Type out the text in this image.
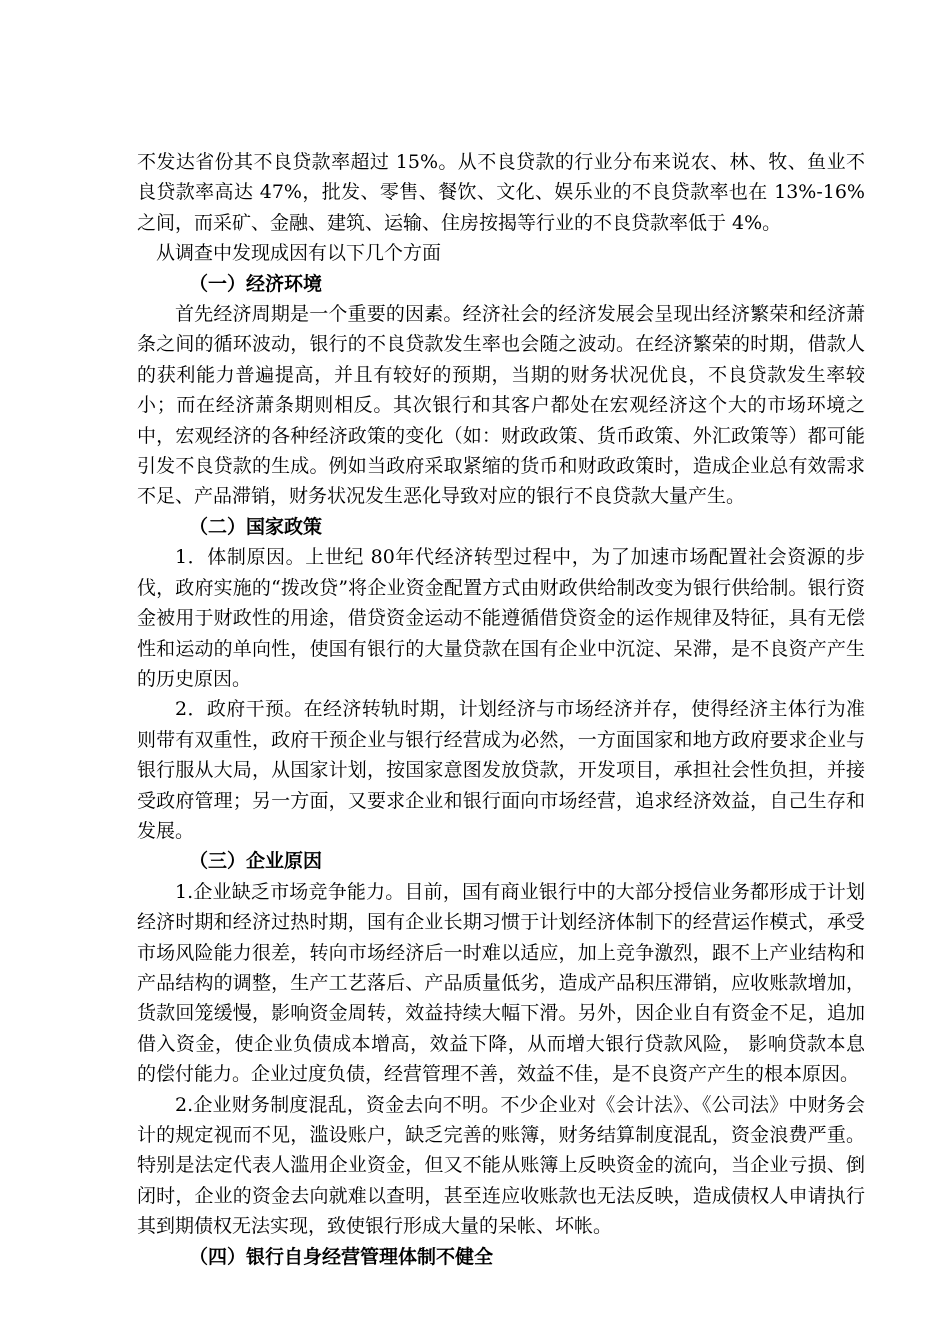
不发达省份其不良贷款率超过 15%。从不良贷款的行业分布来说农、林、牧、鱼业不良贷款率高达 47%，批发、零售、餐饮、文化、娱乐业的不良贷款率也在 13%-16%之间，而采矿、金融、建筑、运输、住房按揭等行业的不良贷款率低于 4%。

从调查中发现成因有以下几个方面

（一）经济环境

首先经济周期是一个重要的因素。经济社会的经济发展会呈现出经济繁荣和经济萧条之间的循环波动，银行的不良贷款发生率也会随之波动。在经济繁荣的时期，借款人的获利能力普遍提高，并且有较好的预期，当期的财务状况优良，不良贷款发生率较小；而在经济萧条期则相反。其次银行和其客户都处在宏观经济这个大的市场环境之中，宏观经济的各种经济政策的变化（如：财政政策、货币政策、外汇政策等）都可能引发不良贷款的生成。例如当政府采取紧缩的货币和财政政策时，造成企业总有效需求不足、产品滞销，财务状况发生恶化导致对应的银行不良贷款大量产生。

（二）国家政策

1．体制原因。上世纪 80年代经济转型过程中，为了加速市场配置社会资源的步伐，政府实施的“拨改贷”将企业资金配置方式由财政供给制改变为银行供给制。银行资金被用于财政性的用途，借贷资金运动不能遵循借贷资金的运作规律及特征，具有无偿性和运动的单向性，使国有银行的大量贷款在国有企业中沉淀、呆滞，是不良资产产生的历史原因。

2．政府干预。在经济转轨时期，计划经济与市场经济并存，使得经济主体行为准则带有双重性，政府干预企业与银行经营成为必然，一方面国家和地方政府要求企业与银行服从大局，从国家计划，按国家意图发放贷款，开发项目，承担社会性负担，并接受政府管理；另一方面，又要求企业和银行面向市场经营，追求经济效益，自己生存和发展。

（三）企业原因

1.企业缺乏市场竞争能力。目前，国有商业银行中的大部分授信业务都形成于计划经济时期和经济过热时期，国有企业长期习惯于计划经济体制下的经营运作模式，承受市场风险能力很差，转向市场经济后一时难以适应，加上竞争激烈，跟不上产业结构和产品结构的调整，生产工艺落后、产品质量低劣，造成产品积压滞销，应收账款增加， 货款回笼缓慢，影响资金周转，效益持续大幅下滑。另外，因企业自有资金不足，追加借入资金，使企业负债成本增高，效益下降，从而增大银行贷款风险， 影响贷款本息的偿付能力。企业过度负债，经营管理不善，效益不佳，是不良资产产生的根本原因。

2.企业财务制度混乱，资金去向不明。不少企业对《会计法》、《公司法》中财务会计的规定视而不见，滥设账户，缺乏完善的账簿，财务结算制度混乱，资金浪费严重。特别是法定代表人滥用企业资金，但又不能从账簿上反映资金的流向，当企业亏损、倒闭时，企业的资金去向就难以查明，甚至连应收账款也无法反映，造成债权人申请执行其到期债权无法实现，致使银行形成大量的呆帐、坏帐。

（四）银行自身经营管理体制不健全
